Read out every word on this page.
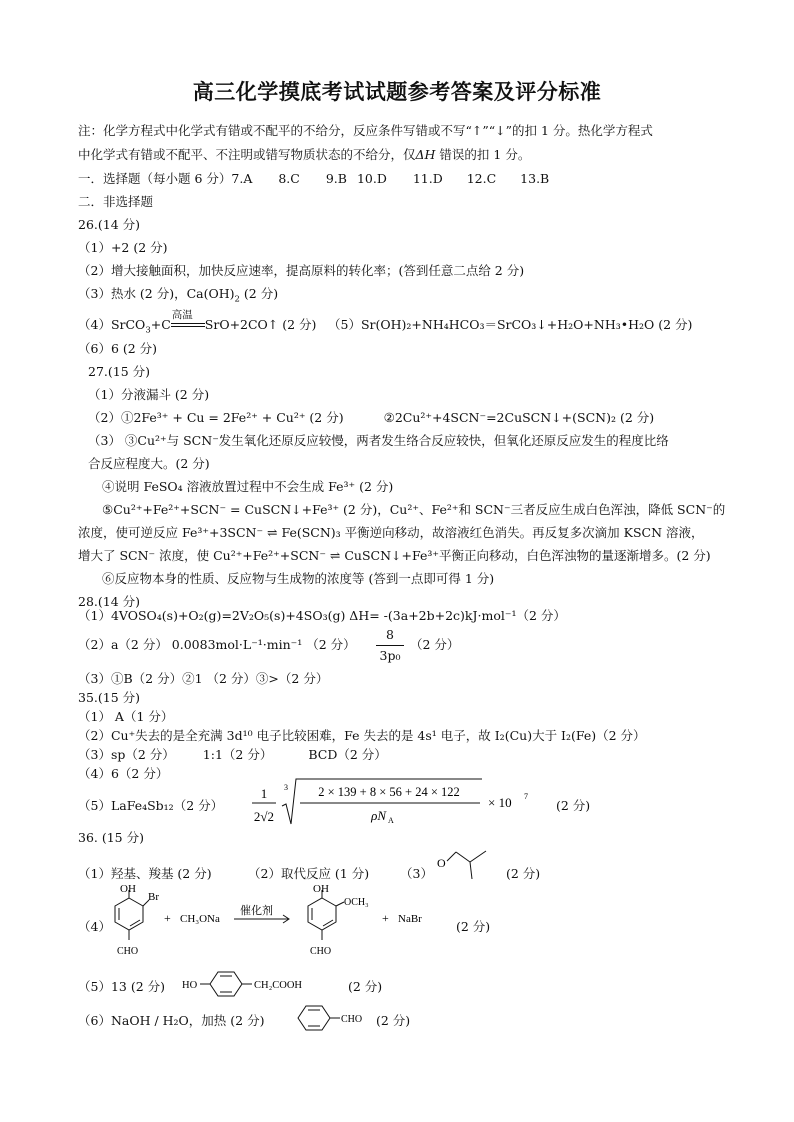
高三化学摸底考试试题参考答案及评分标准
注：化学方程式中化学式有错或不配平的不给分，反应条件写错或不写“↑”“↓”的扣 1 分。热化学方程式
中化学式有错或不配平、不注明或错写物质状态的不给分，仅ΔH 错误的扣 1 分。
一．选择题（每小题 6 分）7.A 8.C 9.B 10.D 11.D 12.C 13.B
二．非选择题
26.(14 分)
（1）+2 (2 分)
（2）增大接触面积，加快反应速率，提高原料的转化率；(答到任意二点给 2 分)
（3）热水 (2 分)，$Ca(OH)_2$ (2 分)
（4）SrCO$_3$+C
高温
SrO+2CO↑ (2 分) （5）Sr(OH)₂+NH₄HCO₃＝SrCO₃↓+H₂O+NH₃•H₂O (2 分)
（6）6 (2 分)
27.(15 分)
（1）分液漏斗 (2 分)
（2）①2Fe³⁺ + Cu = 2Fe²⁺ + Cu²⁺ (2 分)	②2Cu²⁺+4SCN⁻=2CuSCN↓+(SCN)₂ (2 分)
（3） ③Cu²⁺与 SCN⁻发生氧化还原反应较慢，两者发生络合反应较快，但氧化还原反应发生的程度比络
合反应程度大。(2 分)
④说明 FeSO₄ 溶液放置过程中不会生成 Fe³⁺ (2 分)
⑤Cu²⁺+Fe²⁺+SCN⁻ = CuSCN↓+Fe³⁺ (2 分)，Cu²⁺、Fe²⁺和 SCN⁻三者反应生成白色浑浊，降低 SCN⁻的
浓度，使可逆反应 Fe³⁺+3SCN⁻ ⇌ Fe(SCN)₃ 平衡逆向移动，故溶液红色消失。再反复多次滴加 KSCN 溶液，
增大了 SCN⁻ 浓度，使 Cu²⁺+Fe²⁺+SCN⁻ ⇌ CuSCN↓+Fe³⁺平衡正向移动，白色浑浊物的量逐渐增多。(2 分)
⑥反应物本身的性质、反应物与生成物的浓度等 (答到一点即可得 1 分)
28.(14 分)
（1）4VOSO₄(s)+O₂(g)=2V₂O₅(s)+4SO₃(g) ΔH= -(3a+2b+2c)kJ·mol⁻¹（2 分）
（2）a（2 分） 0.0083mol·L⁻¹·min⁻¹ （2 分）
8
3p₀
（2 分）
（3）①B（2 分）②1 （2 分）③>（2 分）
35.(15 分)
（1） A（1 分）
（2）Cu⁺失去的是全充满 3d¹⁰ 电子比较困难，Fe 失去的是 4s¹ 电子，故 I₂(Cu)大于 I₂(Fe)（2 分）
（3）sp（2 分） 1:1（2 分）	BCD（2 分）
（4）6（2 分）
（5）LaFe₄Sb₁₂（2 分）
1
2√2
3 2 × 139 + 8 × 56 + 24 × 122
ρN A
× 10 7
(2 分)
36. (15 分)
（1）羟基、羧基 (2 分)	（2）取代反应 (1 分) （3）
O
(2 分)
（4）
OH
Br
CHO
+ CH₃ONa
催化剂
OH
OCH₃
CHO
+ NaBr	(2 分)
（5）13 (2 分) HO	CH₂COOH	(2 分)
（6）NaOH / H₂O，加热 (2 分)	CHO (2 分)
